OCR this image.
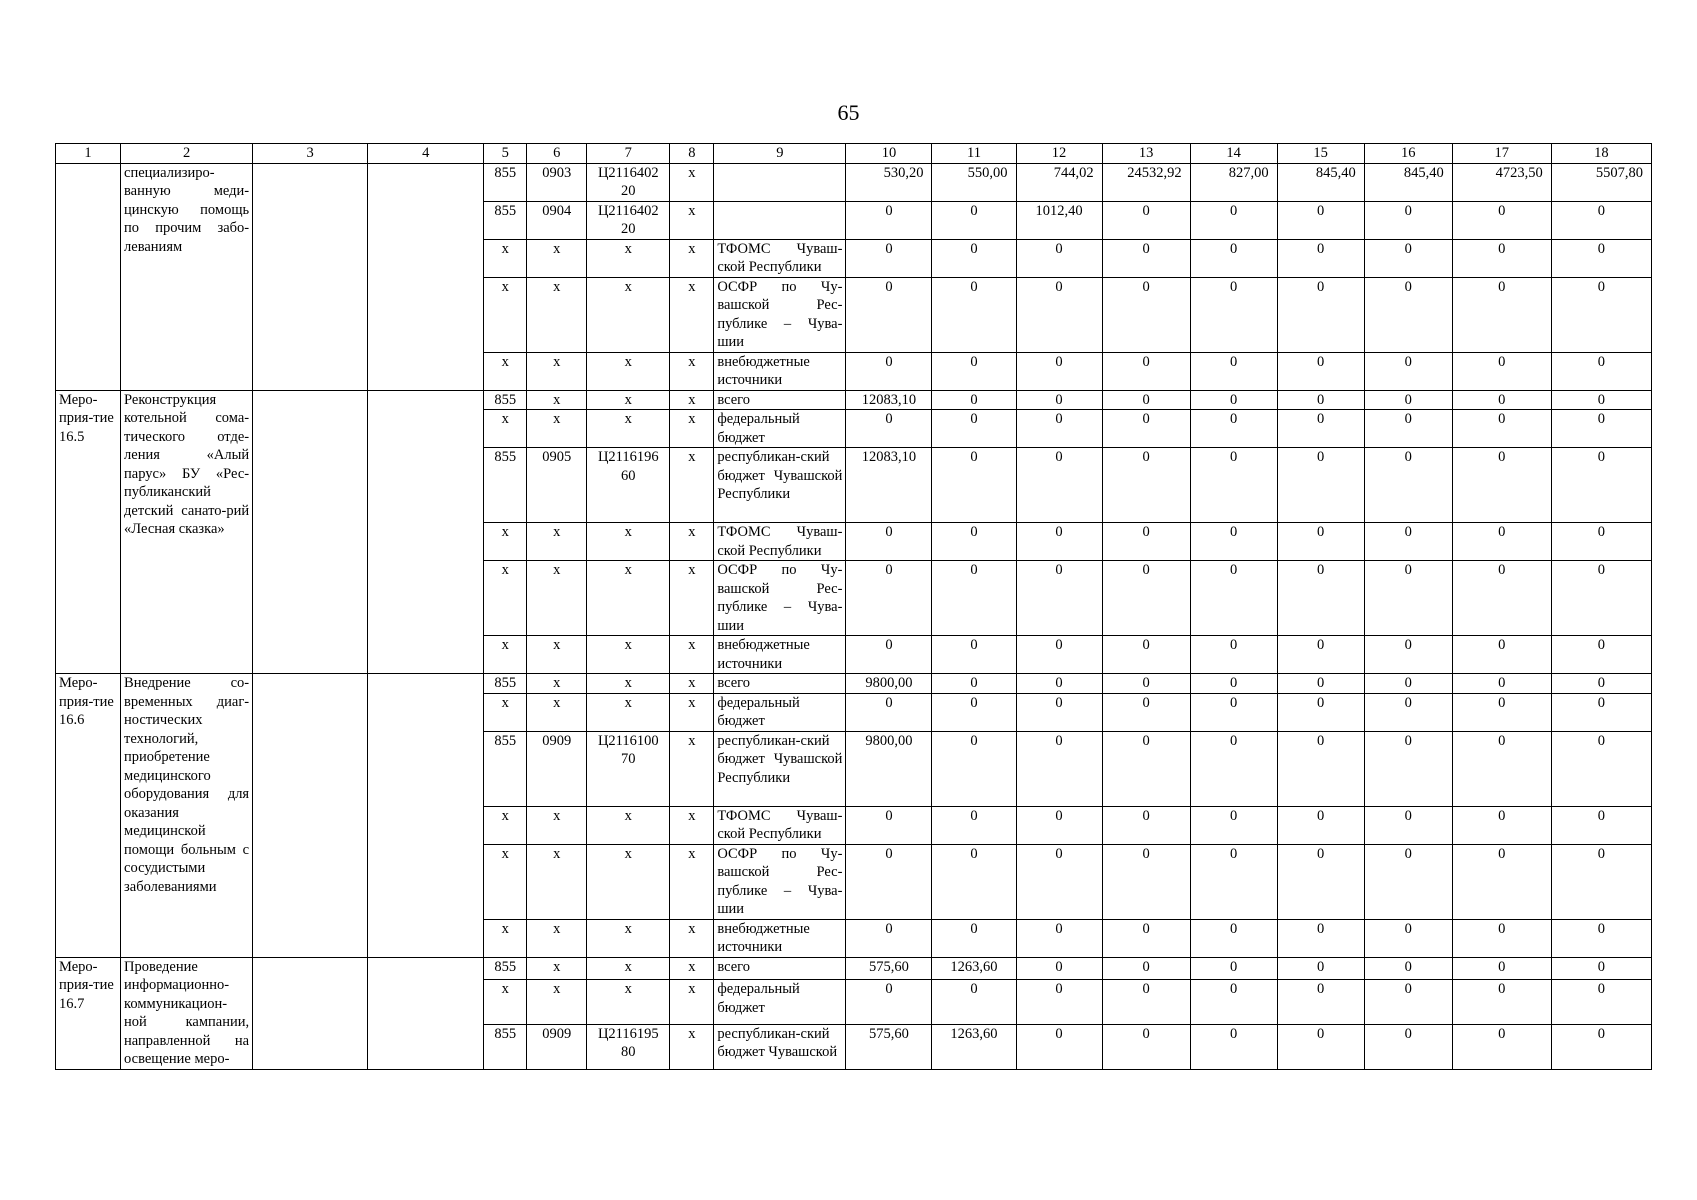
65
1	2	3	4	5	6	7	8	9	10	11	12	13	14	15	16	17	18
	специализиро-ванную меди-цинскую помощь по прочим забо-леваниям			855	0903	Ц2116402 20	х		530,20	550,00	744,02	24532,92	827,00	845,40	845,40	4723,50	5507,80
				855	0904	Ц2116402 20	х		0	0	1012,40	0	0	0	0	0	0
				х	х	х	х	ТФОМС Чуваш-ской Республики	0	0	0	0	0	0	0	0	0
				х	х	х	х	ОСФР по Чу-вашской Рес-публике – Чува-шии	0	0	0	0	0	0	0	0	0
				х	х	х	х	внебюджетные источники	0	0	0	0	0	0	0	0	0
Меро-прия-тие 16.5	Реконструкция котельной сома-тического отде-ления «Алый парус» БУ «Рес-публиканский детский санато-рий «Лесная сказка»			855	х	х	х	всего	12083,10	0	0	0	0	0	0	0	0
				х	х	х	х	федеральный бюджет	0	0	0	0	0	0	0	0	0
				855	0905	Ц2116196 60	х	республикан-ский бюджет Чувашской Республики	12083,10	0	0	0	0	0	0	0	0
				х	х	х	х	ТФОМС Чуваш-ской Республики	0	0	0	0	0	0	0	0	0
				х	х	х	х	ОСФР по Чу-вашской Рес-публике – Чува-шии	0	0	0	0	0	0	0	0	0
				х	х	х	х	внебюджетные источники	0	0	0	0	0	0	0	0	0
Меро-прия-тие 16.6	Внедрение со-временных диаг-ностических технологий, приобретение медицинского оборудования для оказания медицинской помощи больным с сосудистыми заболеваниями			855	х	х	х	всего	9800,00	0	0	0	0	0	0	0	0
				х	х	х	х	федеральный бюджет	0	0	0	0	0	0	0	0	0
				855	0909	Ц2116100 70	х	республикан-ский бюджет Чувашской Республики	9800,00	0	0	0	0	0	0	0	0
				х	х	х	х	ТФОМС Чуваш-ской Республики	0	0	0	0	0	0	0	0	0
				х	х	х	х	ОСФР по Чу-вашской Рес-публике – Чува-шии	0	0	0	0	0	0	0	0	0
				х	х	х	х	внебюджетные источники	0	0	0	0	0	0	0	0	0
Меро-прия-тие 16.7	Проведение информационно-коммуникацион-ной кампании, направленной на освещение меро-			855	х	х	х	всего	575,60	1263,60	0	0	0	0	0	0	0
				х	х	х	х	федеральный бюджет	0	0	0	0	0	0	0	0	0
				855	0909	Ц2116195 80	х	республикан-ский бюджет Чувашской	575,60	1263,60	0	0	0	0	0	0	0
